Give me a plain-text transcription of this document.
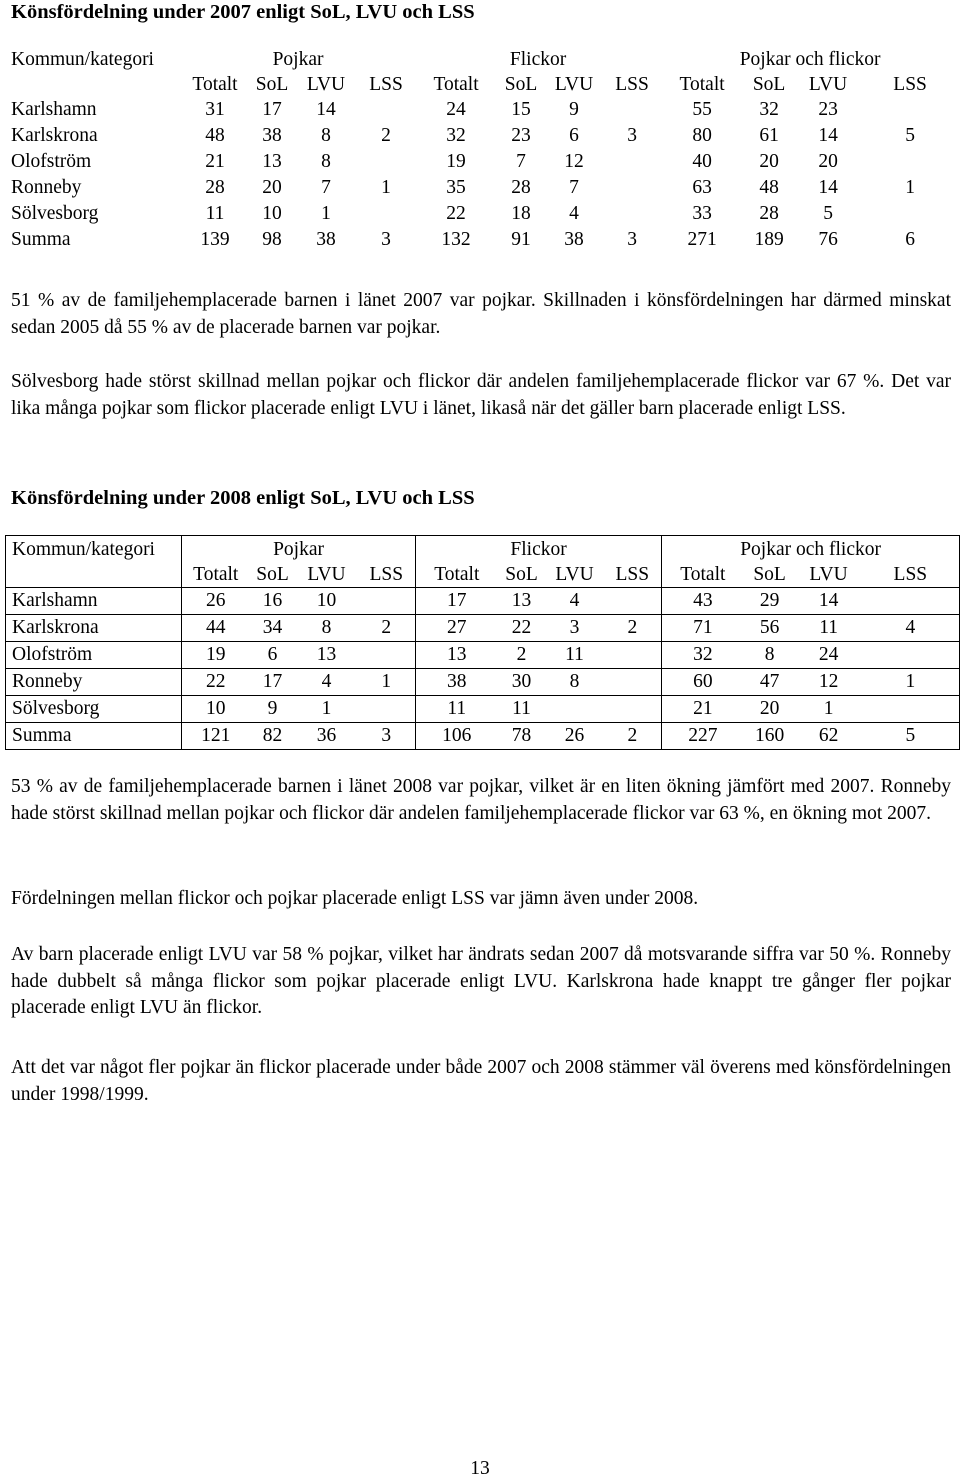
Könsfördelning under 2007 enligt SoL, LVU och LSS
Kommun/kategori	Pojkar				Flickor				Pojkar och flickor			
	Totalt	SoL	LVU	LSS	Totalt	SoL	LVU	LSS	Totalt	SoL	LVU	LSS
Karlshamn	31	17	14		24	15	9		55	32	23	
Karlskrona	48	38	8	2	32	23	6	3	80	61	14	5
Olofström	21	13	8		19	7	12		40	20	20	
Ronneby	28	20	7	1	35	28	7		63	48	14	1
Sölvesborg	11	10	1		22	18	4		33	28	5	
Summa	139	98	38	3	132	91	38	3	271	189	76	6

51 % av de familjehemplacerade barnen i länet 2007 var pojkar. Skillnaden i könsfördelningen har därmed minskat sedan 2005 då 55 % av de placerade barnen var pojkar.

Sölvesborg hade störst skillnad mellan pojkar och flickor där andelen familjehemplacerade flickor var 67 %. Det var lika många pojkar som flickor placerade enligt LVU i länet, likaså när det gäller barn placerade enligt LSS.

Könsfördelning under 2008 enligt SoL, LVU och LSS
Kommun/kategori	Pojkar				Flickor				Pojkar och flickor			
	Totalt	SoL	LVU	LSS	Totalt	SoL	LVU	LSS	Totalt	SoL	LVU	LSS
Karlshamn	26	16	10		17	13	4		43	29	14	
Karlskrona	44	34	8	2	27	22	3	2	71	56	11	4
Olofström	19	6	13		13	2	11		32	8	24	
Ronneby	22	17	4	1	38	30	8		60	47	12	1
Sölvesborg	10	9	1		11	11			21	20	1	
Summa	121	82	36	3	106	78	26	2	227	160	62	5

53 % av de familjehemplacerade barnen i länet 2008 var pojkar, vilket är en liten ökning jämfört med 2007. Ronneby hade störst skillnad mellan pojkar och flickor där andelen familjehemplacerade flickor var 63 %, en ökning mot 2007.

Fördelningen mellan flickor och pojkar placerade enligt LSS var jämn även under 2008.

Av barn placerade enligt LVU var 58 % pojkar, vilket har ändrats sedan 2007 då motsvarande siffra var 50 %. Ronneby hade dubbelt så många flickor som pojkar placerade enligt LVU. Karlskrona hade knappt tre gånger fler pojkar placerade enligt LVU än flickor.

Att det var något fler pojkar än flickor placerade under både 2007 och 2008 stämmer väl överens med könsfördelningen under 1998/1999.

13
